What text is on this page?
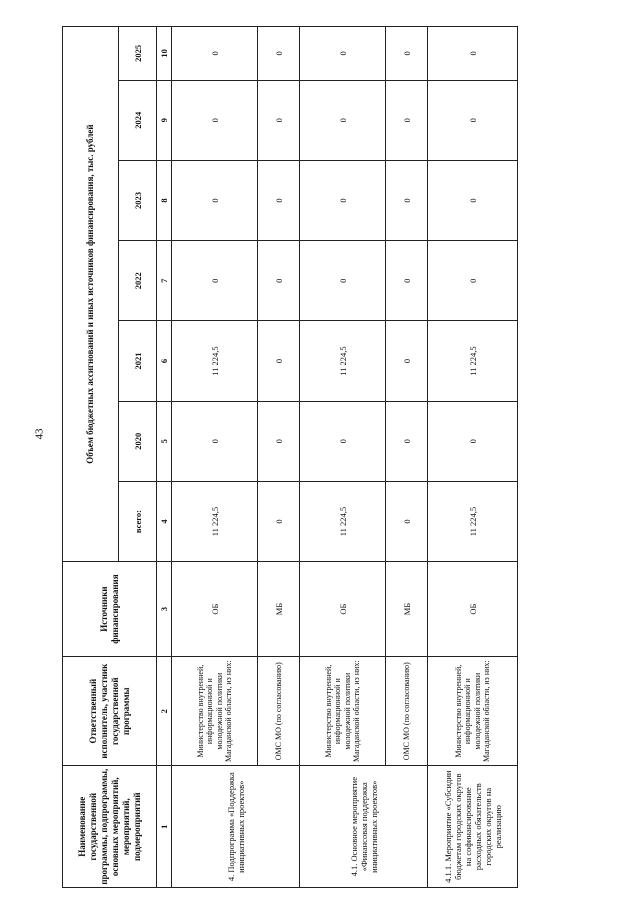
43
Наименование государственной программы, подпрограммы, основных мероприятий, мероприятий, подмероприятий	Ответственный исполнитель, участник государственной программы	Источники финансирования	Объем бюджетных ассигнований и иных источников финансирования, тыс. рублей						
			всего:	2020	2021	2022	2023	2024	2025
1	2	3	4	5	6	7	8	9	10
4. Подпрограмма «Поддержка инициативных проектов»	Министерство внутренней, информационной и молодежной политики Магаданской области, из них:	ОБ	11 224,5	0	11 224,5	0	0	0	0
	ОМС МО (по согласованию)	МБ	0	0	0	0	0	0	0
4.1. Основное мероприятие «Финансовая поддержка инициативных проектов»	Министерство внутренней, информационной и молодежной политики Магаданской области, из них:	ОБ	11 224,5	0	11 224,5	0	0	0	0
	ОМС МО (по согласованию)	МБ	0	0	0	0	0	0	0
4.1.1. Мероприятие «Субсидии бюджетам городских округов на софинансирование расходных обязательств городских округов на реализацию	Министерство внутренней, информационной и молодежной политики Магаданской области, из них:	ОБ	11 224,5	0	11 224,5	0	0	0	0
